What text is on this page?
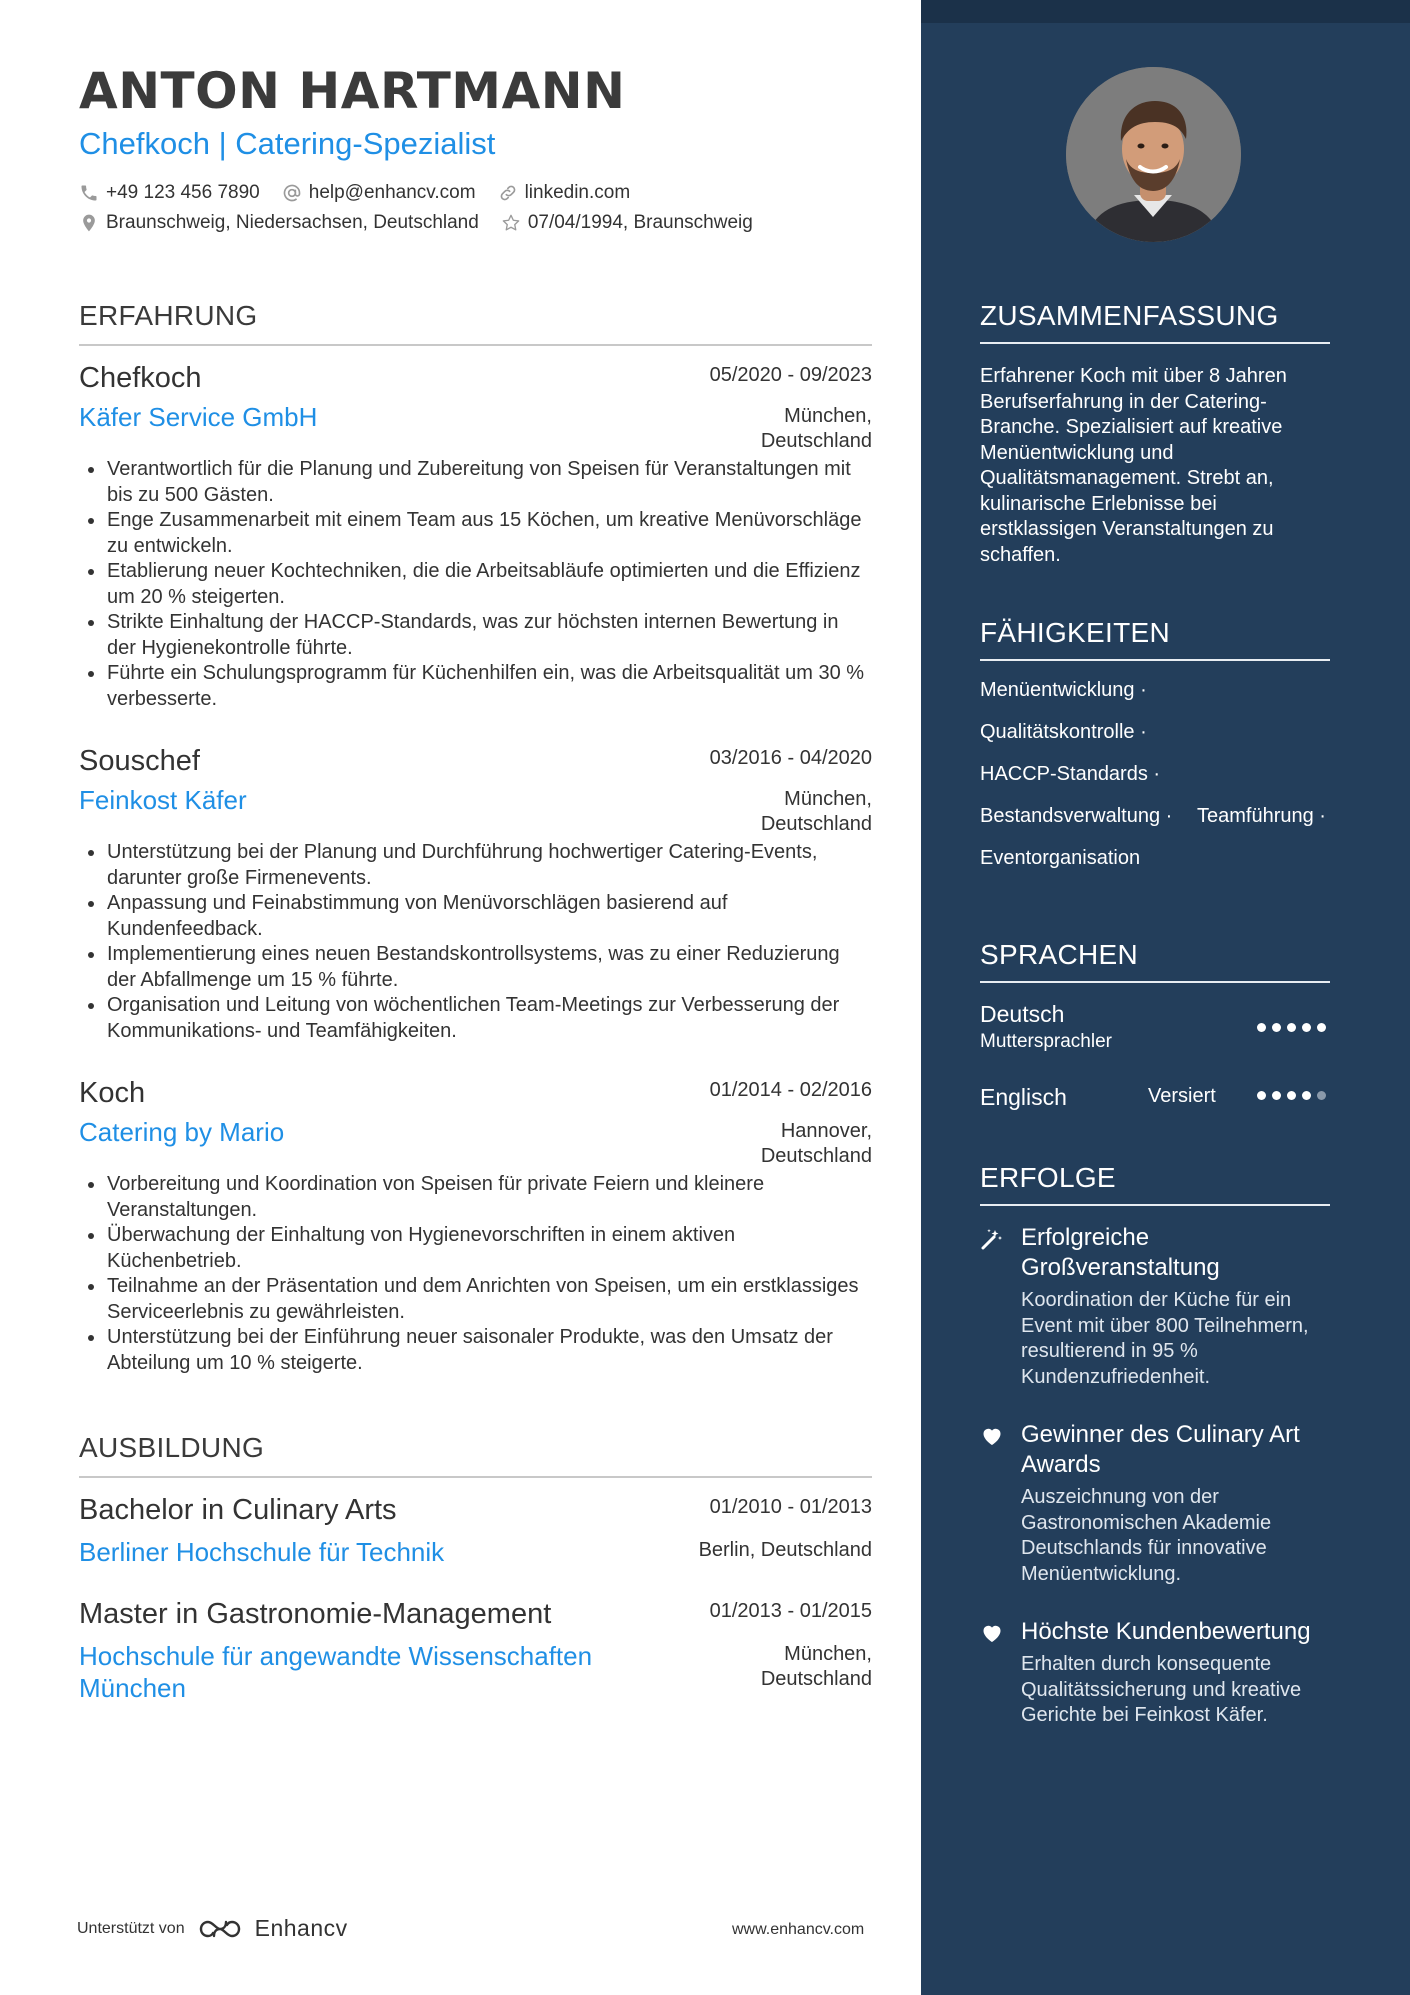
ANTON HARTMANN
Chefkoch | Catering-Spezialist
+49 123 456 7890	help@enhancv.com	linkedin.com
Braunschweig, Niedersachsen, Deutschland	07/04/1994, Braunschweig
ERFAHRUNG
Chefkoch	05/2020 - 09/2023
Käfer Service GmbH	München,
Deutschland
Verantwortlich für die Planung und Zubereitung von Speisen für Veranstaltungen mit bis zu 500 Gästen.
Enge Zusammenarbeit mit einem Team aus 15 Köchen, um kreative Menüvorschläge zu entwickeln.
Etablierung neuer Kochtechniken, die die Arbeitsabläufe optimierten und die Effizienz um 20 % steigerten.
Strikte Einhaltung der HACCP-Standards, was zur höchsten internen Bewertung in der Hygienekontrolle führte.
Führte ein Schulungsprogramm für Küchenhilfen ein, was die Arbeitsqualität um 30 % verbesserte.
Souschef	03/2016 - 04/2020
Feinkost Käfer	München,
Deutschland
Unterstützung bei der Planung und Durchführung hochwertiger Catering-Events, darunter große Firmenevents.
Anpassung und Feinabstimmung von Menüvorschlägen basierend auf Kundenfeedback.
Implementierung eines neuen Bestandskontrollsystems, was zu einer Reduzierung der Abfallmenge um 15 % führte.
Organisation und Leitung von wöchentlichen Team-Meetings zur Verbesserung der Kommunikations- und Teamfähigkeiten.
Koch	01/2014 - 02/2016
Catering by Mario	Hannover,
Deutschland
Vorbereitung und Koordination von Speisen für private Feiern und kleinere Veranstaltungen.
Überwachung der Einhaltung von Hygienevorschriften in einem aktiven Küchenbetrieb.
Teilnahme an der Präsentation und dem Anrichten von Speisen, um ein erstklassiges Serviceerlebnis zu gewährleisten.
Unterstützung bei der Einführung neuer saisonaler Produkte, was den Umsatz der Abteilung um 10 % steigerte.
AUSBILDUNG
Bachelor in Culinary Arts	01/2010 - 01/2013
Berliner Hochschule für Technik	Berlin, Deutschland
Master in Gastronomie-Management	01/2013 - 01/2015
Hochschule für angewandte Wissenschaften München
München,
Deutschland
Unterstützt von	Enhancv	www.enhancv.com
ZUSAMMENFASSUNG
Erfahrener Koch mit über 8 Jahren Berufserfahrung in der Catering-Branche. Spezialisiert auf kreative Menüentwicklung und Qualitätsmanagement. Strebt an, kulinarische Erlebnisse bei erstklassigen Veranstaltungen zu schaffen.
FÄHIGKEITEN
Menüentwicklung ·
Qualitätskontrolle ·
HACCP-Standards ·
Bestandsverwaltung · Teamführung ·
Eventorganisation
SPRACHEN
Deutsch
Muttersprachler
Englisch	Versiert
ERFOLGE
Erfolgreiche Großveranstaltung
Koordination der Küche für ein Event mit über 800 Teilnehmern, resultierend in 95 % Kundenzufriedenheit.
Gewinner des Culinary Art Awards
Auszeichnung von der Gastronomischen Akademie Deutschlands für innovative Menüentwicklung.
Höchste Kundenbewertung
Erhalten durch konsequente Qualitätssicherung und kreative Gerichte bei Feinkost Käfer.
